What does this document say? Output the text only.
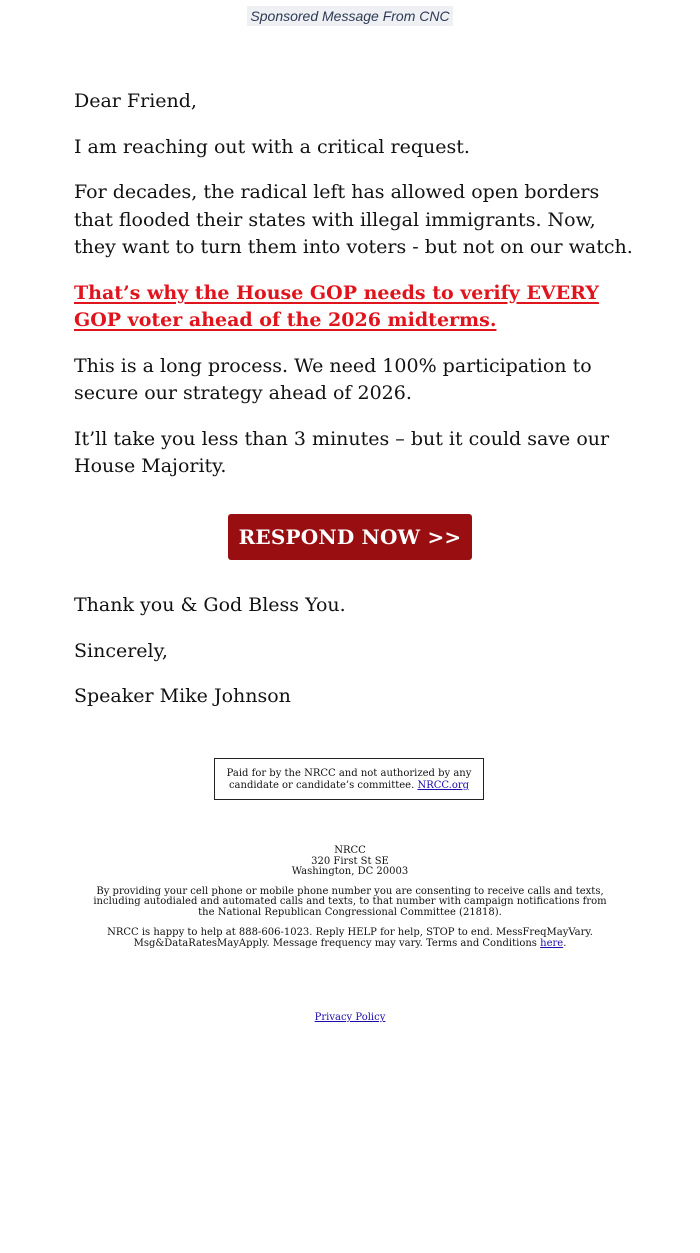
Sponsored Message From CNC

Dear Friend,

I am reaching out with a critical request.

For decades, the radical left has allowed open borders that flooded their states with illegal immigrants. Now, they want to turn them into voters - but not on our watch.

That’s why the House GOP needs to verify EVERY GOP voter ahead of the 2026 midterms.

This is a long process. We need 100% participation to secure our strategy ahead of 2026.

It’ll take you less than 3 minutes – but it could save our House Majority.

RESPOND NOW >>

Thank you & God Bless You.

Sincerely,

Speaker Mike Johnson

Paid for by the NRCC and not authorized by any candidate or candidate’s committee. NRCC.org
NRCC
320 First St SE
Washington, DC 20003
By providing your cell phone or mobile phone number you are consenting to receive calls and texts, including autodialed and automated calls and texts, to that number with campaign notifications from the National Republican Congressional Committee (21818).
NRCC is happy to help at 888-606-1023. Reply HELP for help, STOP to end. MessFreqMayVary. Msg&DataRatesMayApply. Message frequency may vary. Terms and Conditions here.
Privacy Policy
